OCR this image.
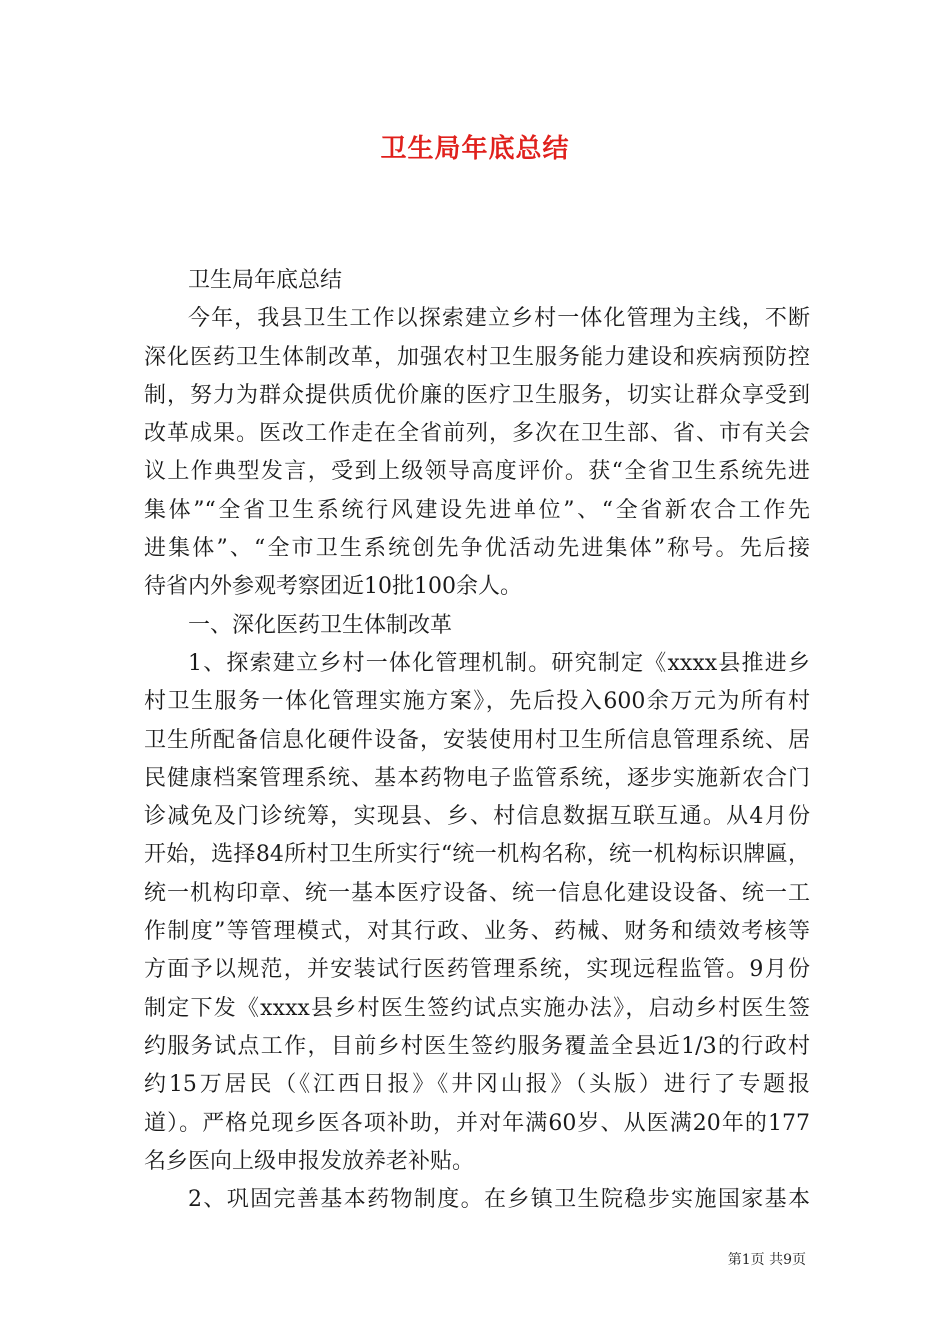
卫生局年底总结
卫生局年底总结
今年，我县卫生工作以探索建立乡村一体化管理为主线，不断
深化医药卫生体制改革，加强农村卫生服务能力建设和疾病预防控
制，努力为群众提供质优价廉的医疗卫生服务，切实让群众享受到
改革成果。医改工作走在全省前列，多次在卫生部、省、市有关会
议上作典型发言，受到上级领导高度评价。获“全省卫生系统先进
集体”“全省卫生系统行风建设先进单位”、“全省新农合工作先
进集体”、“全市卫生系统创先争优活动先进集体”称号。先后接
待省内外参观考察团近10批100余人。
一、深化医药卫生体制改革
1、探索建立乡村一体化管理机制。研究制定《xxxx县推进乡
村卫生服务一体化管理实施方案》，先后投入600余万元为所有村
卫生所配备信息化硬件设备，安装使用村卫生所信息管理系统、居
民健康档案管理系统、基本药物电子监管系统，逐步实施新农合门
诊减免及门诊统筹，实现县、乡、村信息数据互联互通。从4月份
开始，选择84所村卫生所实行“统一机构名称，统一机构标识牌匾，
统一机构印章、统一基本医疗设备、统一信息化建设设备、统一工
作制度”等管理模式，对其行政、业务、药械、财务和绩效考核等
方面予以规范，并安装试行医药管理系统，实现远程监管。9月份
制定下发《xxxx县乡村医生签约试点实施办法》，启动乡村医生签
约服务试点工作，目前乡村医生签约服务覆盖全县近1/3的行政村
约15万居民（《江西日报》《井冈山报》（头版）进行了专题报
道）。严格兑现乡医各项补助，并对年满60岁、从医满20年的177
名乡医向上级申报发放养老补贴。
2、巩固完善基本药物制度。在乡镇卫生院稳步实施国家基本
第1页 共9页
